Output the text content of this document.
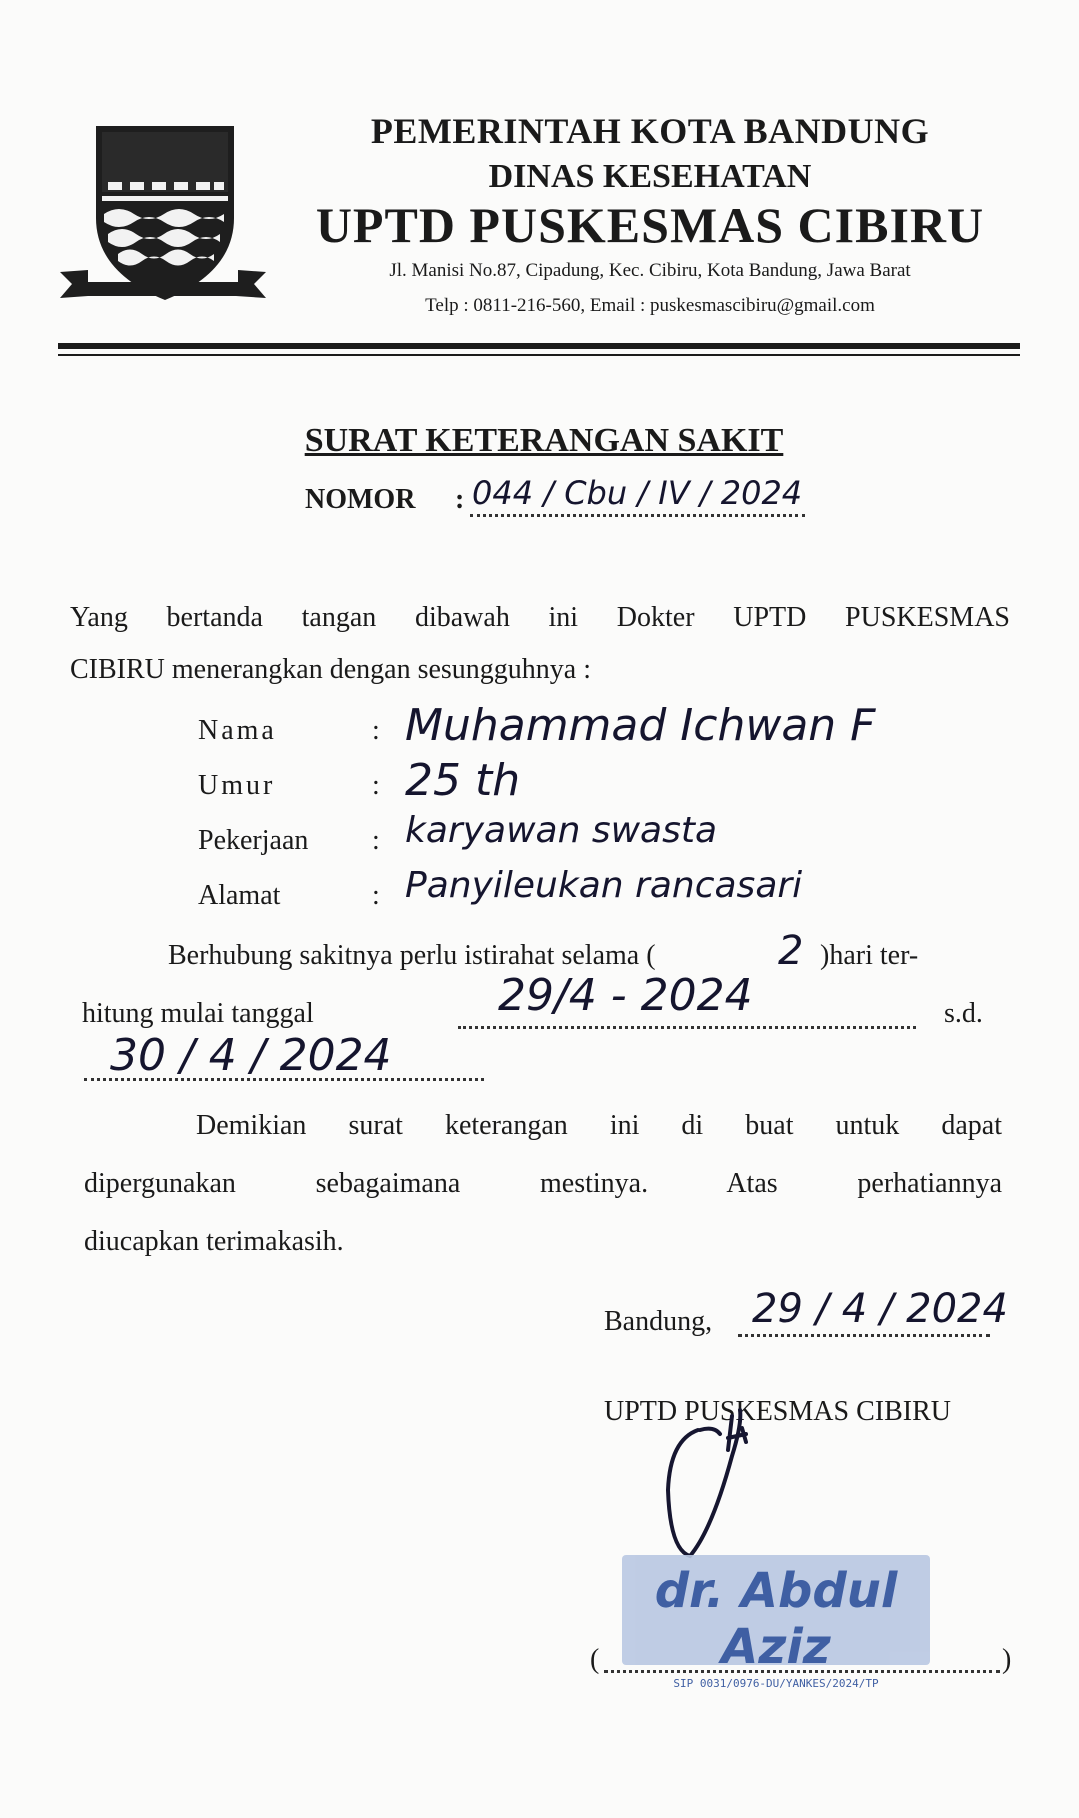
PEMERINTAH KOTA BANDUNG
DINAS KESEHATAN
UPTD PUSKESMAS CIBIRU
Jl. Manisi No.87, Cipadung, Kec. Cibiru, Kota Bandung, Jawa Barat
Telp : 0811-216-560, Email : puskesmascibiru@gmail.com
SURAT KETERANGAN SAKIT
NOMOR : 044 / Cbu / IV / 2024
Yang bertanda tangan dibawah ini Dokter UPTD PUSKESMAS
CIBIRU menerangkan dengan sesungguhnya :
Nama	: Muhammad Ichwan F
Umur	: 25 th
Pekerjaan : karyawan swasta
Alamat	: Panyileukan rancasari
Berhubung sakitnya perlu istirahat selama (	2 )hari ter-
hitung mulai tanggal	29/4 - 2024	s.d.
30 / 4 / 2024
Demikian surat keterangan ini di buat untuk dapat
dipergunakan sebagaimana mestinya. Atas perhatiannya
diucapkan terimakasih.
Bandung, 29 / 4 / 2024
UPTD PUSKESMAS CIBIRU
dr. Abdul Aziz
SIP 0031/0976-DU/YANKES/2024/TP
(	)
